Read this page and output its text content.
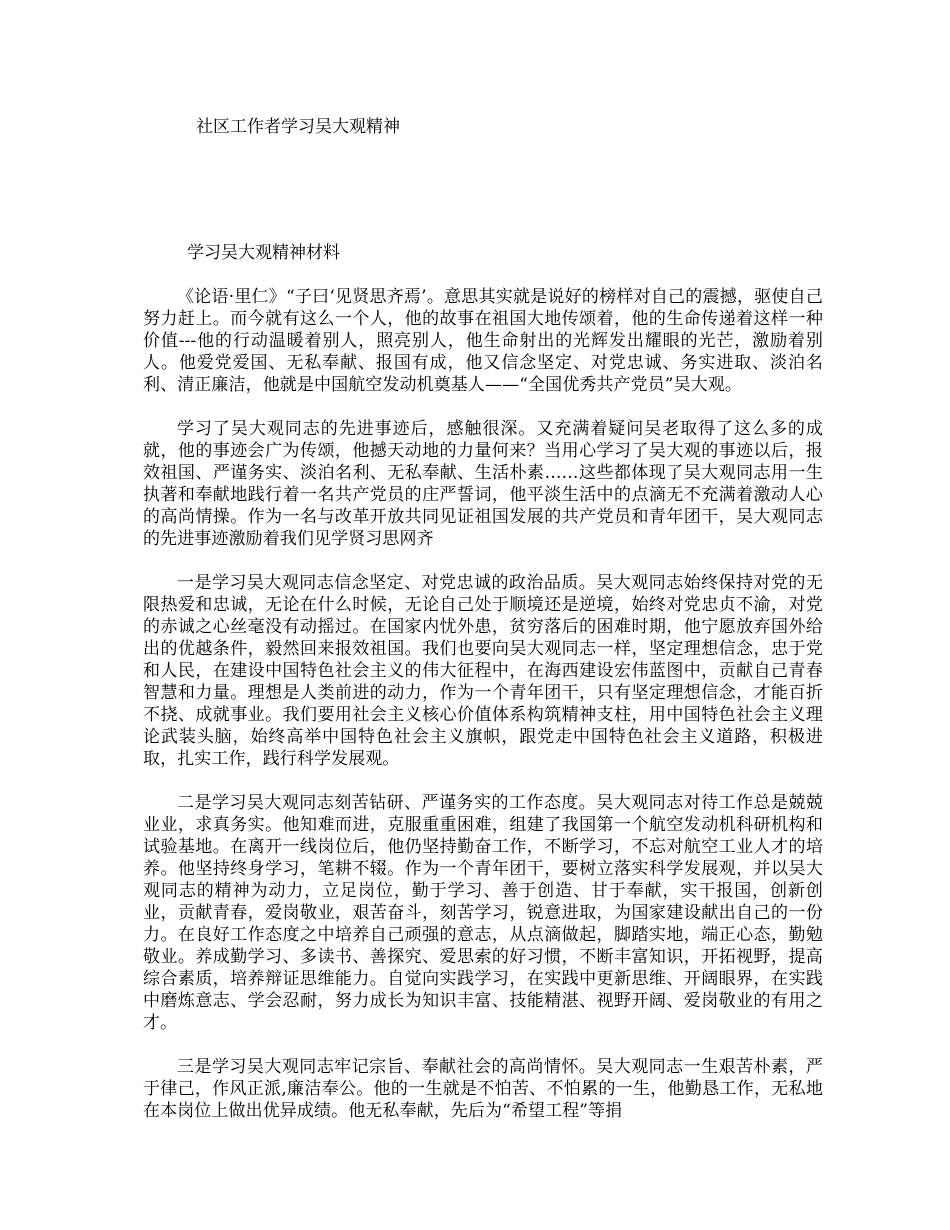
社区工作者学习吴大观精神
学习吴大观精神材料

《论语·里仁》“子曰‘见贤思齐焉’。意思其实就是说好的榜样对自己的震撼，驱使自己努力赶上。而今就有这么一个人，他的故事在祖国大地传颂着，他的生命传递着这样一种价值---他的行动温暖着别人，照亮别人，他生命射出的光辉发出耀眼的光芒，激励着别人。他爱党爱国、无私奉献、报国有成，他又信念坚定、对党忠诚、务实进取、淡泊名利、清正廉洁，他就是中国航空发动机奠基人——“全国优秀共产党员”吴大观。

学习了吴大观同志的先进事迹后，感触很深。又充满着疑问吴老取得了这么多的成就，他的事迹会广为传颂，他撼天动地的力量何来？当用心学习了吴大观的事迹以后，报效祖国、严谨务实、淡泊名利、无私奉献、生活朴素……这些都体现了吴大观同志用一生执著和奉献地践行着一名共产党员的庄严誓词，他平淡生活中的点滴无不充满着激动人心的高尚情操。作为一名与改革开放共同见证祖国发展的共产党员和青年团干，吴大观同志的先进事迹激励着我们见学贤习思网齐

一是学习吴大观同志信念坚定、对党忠诚的政治品质。吴大观同志始终保持对党的无限热爱和忠诚，无论在什么时候，无论自己处于顺境还是逆境，始终对党忠贞不渝，对党的赤诚之心丝毫没有动摇过。在国家内忧外患，贫穷落后的困难时期，他宁愿放弃国外给出的优越条件，毅然回来报效祖国。我们也要向吴大观同志一样，坚定理想信念，忠于党和人民，在建设中国特色社会主义的伟大征程中，在海西建设宏伟蓝图中，贡献自己青春智慧和力量。理想是人类前进的动力，作为一个青年团干，只有坚定理想信念，才能百折不挠、成就事业。我们要用社会主义核心价值体系构筑精神支柱，用中国特色社会主义理论武装头脑，始终高举中国特色社会主义旗帜，跟党走中国特色社会主义道路，积极进取，扎实工作，践行科学发展观。

二是学习吴大观同志刻苦钻研、严谨务实的工作态度。吴大观同志对待工作总是兢兢业业，求真务实。他知难而进，克服重重困难，组建了我国第一个航空发动机科研机构和试验基地。在离开一线岗位后，他仍坚持勤奋工作，不断学习，不忘对航空工业人才的培养。他坚持终身学习，笔耕不辍。作为一个青年团干，要树立落实科学发展观，并以吴大观同志的精神为动力，立足岗位，勤于学习、善于创造、甘于奉献，实干报国，创新创业，贡献青春，爱岗敬业，艰苦奋斗，刻苦学习，锐意进取，为国家建设献出自己的一份力。在良好工作态度之中培养自己顽强的意志，从点滴做起，脚踏实地，端正心态，勤勉敬业。养成勤学习、多读书、善探究、爱思索的好习惯，不断丰富知识，开拓视野，提高综合素质，培养辩证思维能力。自觉向实践学习，在实践中更新思维、开阔眼界，在实践中磨炼意志、学会忍耐，努力成长为知识丰富、技能精湛、视野开阔、爱岗敬业的有用之才。

三是学习吴大观同志牢记宗旨、奉献社会的高尚情怀。吴大观同志一生艰苦朴素，严于律己，作风正派,廉洁奉公。他的一生就是不怕苦、不怕累的一生，他勤恳工作，无私地在本岗位上做出优异成绩。他无私奉献，先后为“希望工程”等捐
